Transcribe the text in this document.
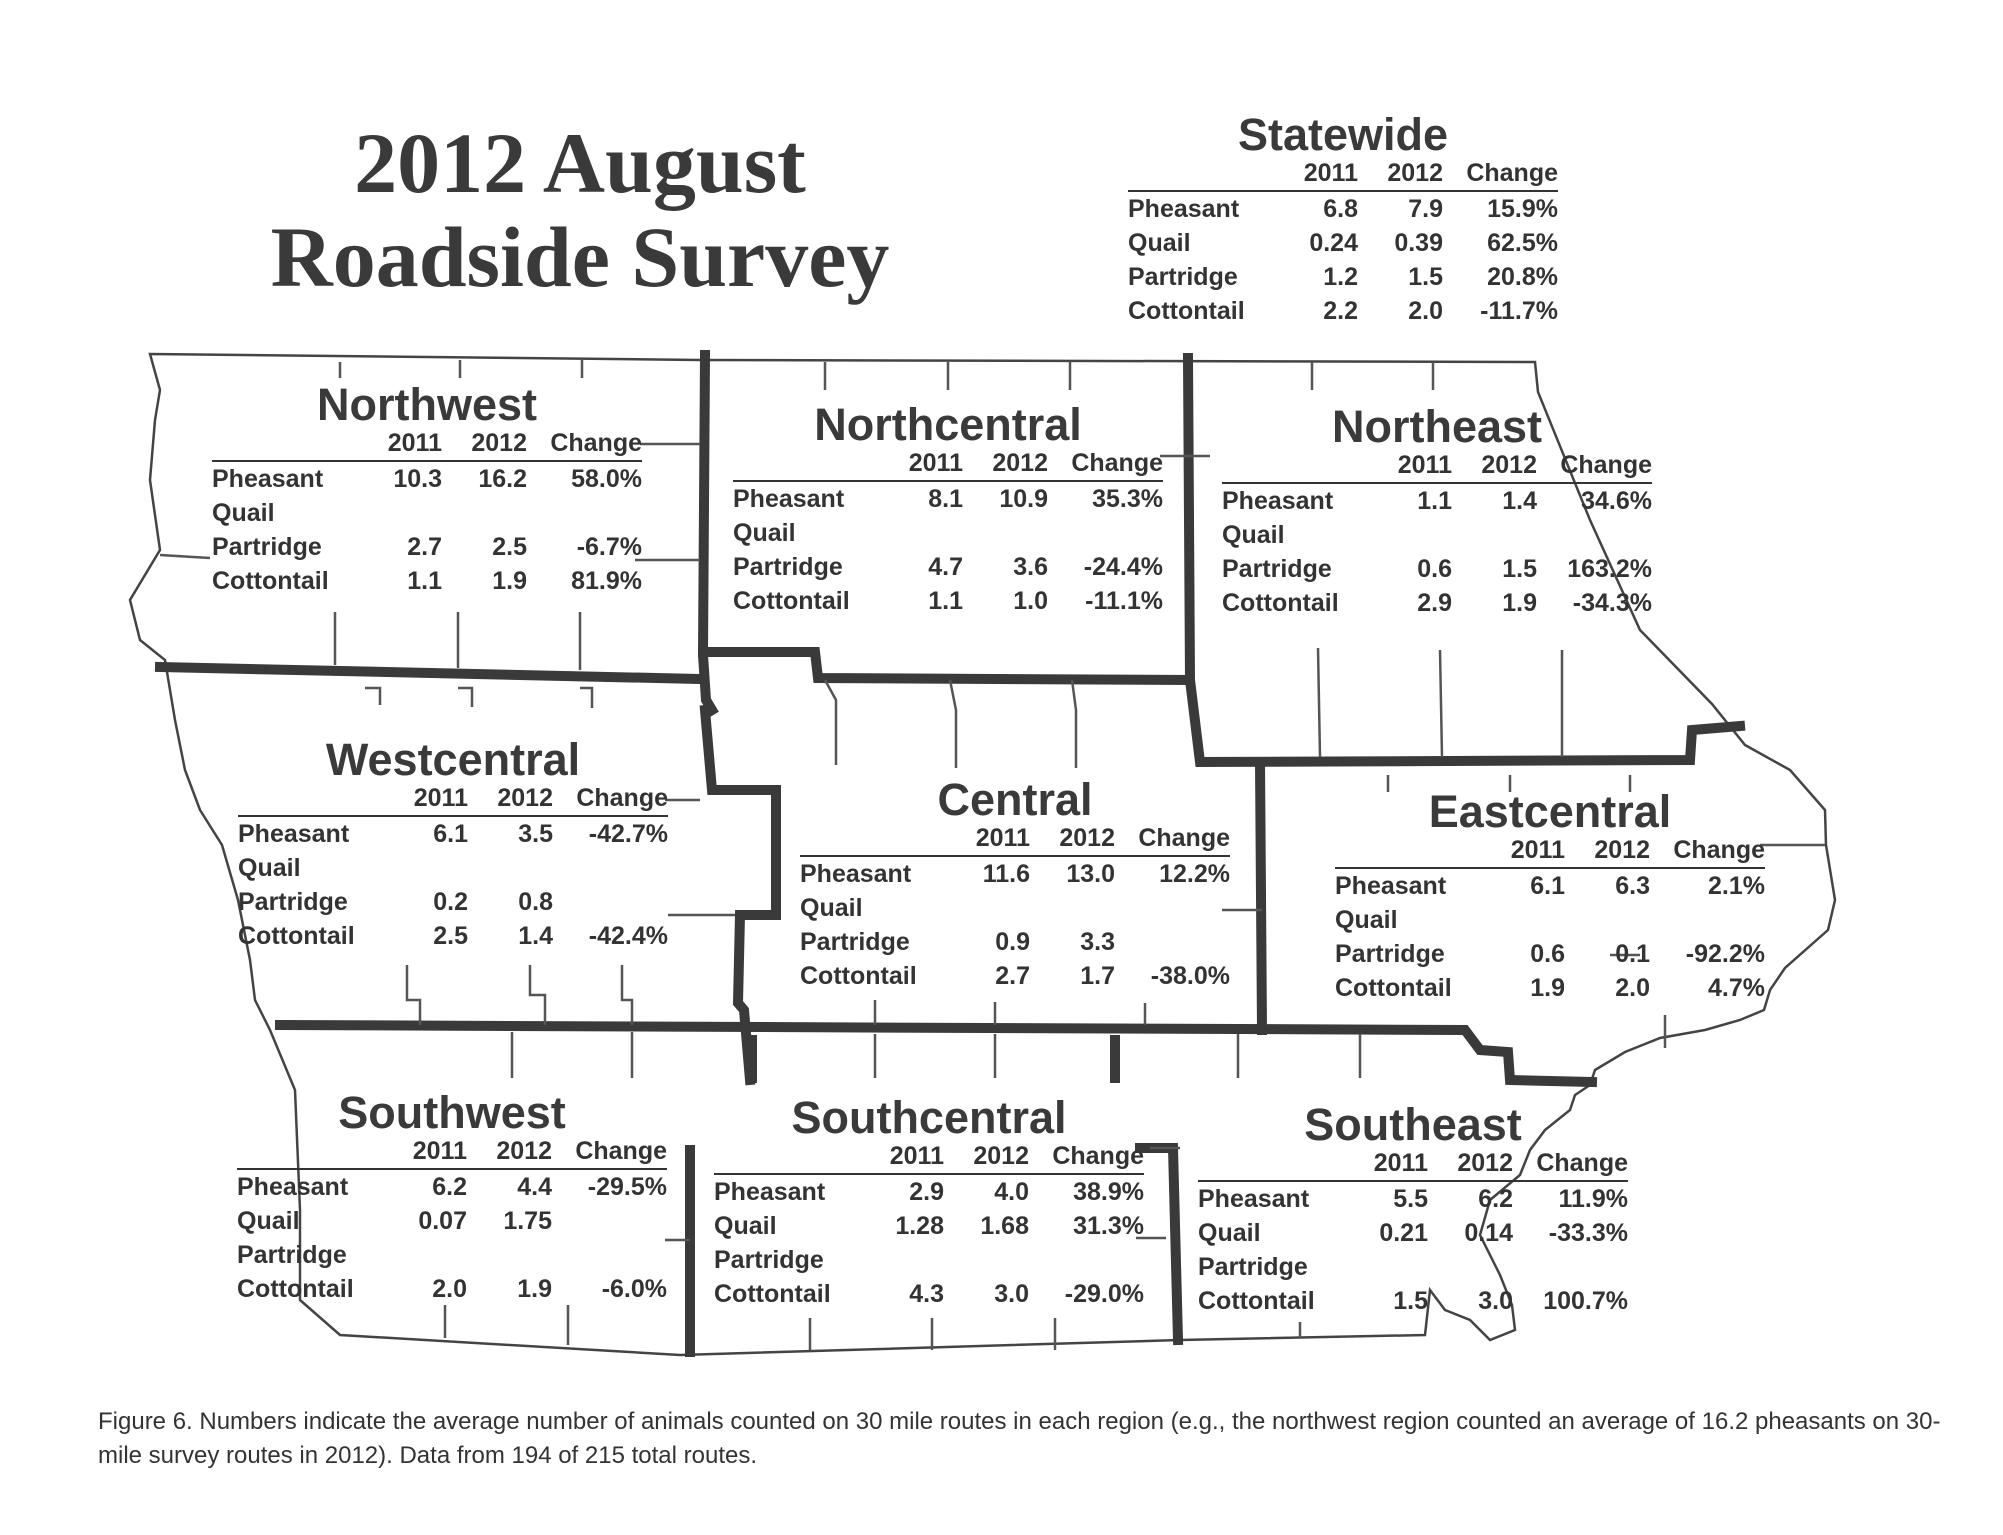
2012 August
Roadside Survey
Statewide
	2011	2012	Change
Pheasant	6.8	7.9	15.9%
Quail	0.24	0.39	62.5%
Partridge	1.2	1.5	20.8%
Cottontail	2.2	2.0	-11.7%
Northwest
	2011	2012	Change
Pheasant	10.3	16.2	58.0%
Quail			
Partridge	2.7	2.5	-6.7%
Cottontail	1.1	1.9	81.9%
Northcentral
	2011	2012	Change
Pheasant	8.1	10.9	35.3%
Quail			
Partridge	4.7	3.6	-24.4%
Cottontail	1.1	1.0	-11.1%
Northeast
	2011	2012	Change
Pheasant	1.1	1.4	34.6%
Quail			
Partridge	0.6	1.5	163.2%
Cottontail	2.9	1.9	-34.3%
Westcentral
	2011	2012	Change
Pheasant	6.1	3.5	-42.7%
Quail			
Partridge	0.2	0.8	
Cottontail	2.5	1.4	-42.4%
Central
	2011	2012	Change
Pheasant	11.6	13.0	12.2%
Quail			
Partridge	0.9	3.3	
Cottontail	2.7	1.7	-38.0%
Eastcentral
	2011	2012	Change
Pheasant	6.1	6.3	2.1%
Quail			
Partridge	0.6	0.1	-92.2%
Cottontail	1.9	2.0	4.7%
Southwest
	2011	2012	Change
Pheasant	6.2	4.4	-29.5%
Quail	0.07	1.75	
Partridge			
Cottontail	2.0	1.9	-6.0%
Southcentral
	2011	2012	Change
Pheasant	2.9	4.0	38.9%
Quail	1.28	1.68	31.3%
Partridge			
Cottontail	4.3	3.0	-29.0%
Southeast
	2011	2012	Change
Pheasant	5.5	6.2	11.9%
Quail	0.21	0.14	-33.3%
Partridge			
Cottontail	1.5	3.0	100.7%
Figure 6. Numbers indicate the average number of animals counted on 30 mile routes in each region (e.g., the northwest region counted an average of 16.2 pheasants on 30-mile survey routes in 2012). Data from 194 of 215 total routes.
